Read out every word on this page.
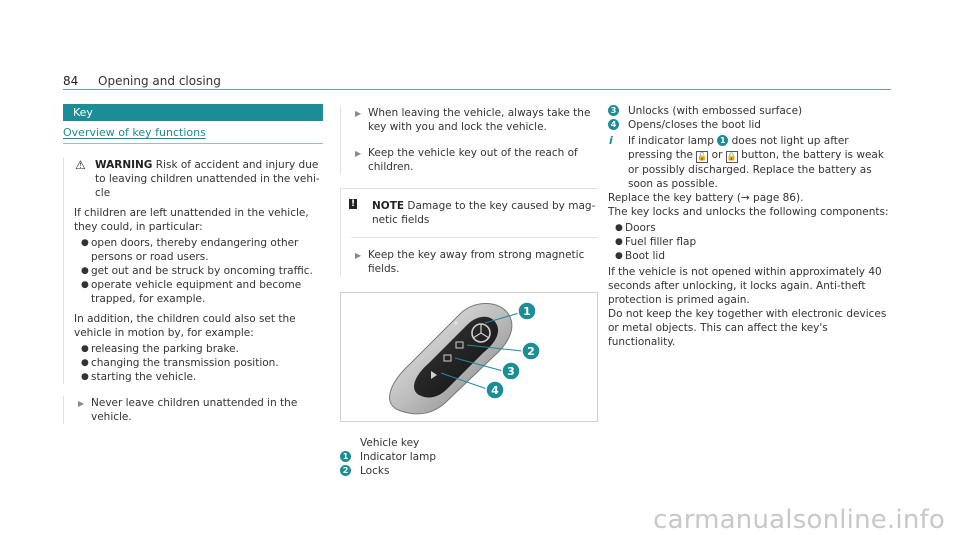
84 Opening and closing
Key
Overview of key functions
⚠ WARNING Risk of accident and injury due to leaving children unattended in the vehicle

If children are left unattended in the vehicle, they could, in particular:

● open doors, thereby endangering other persons or road users.
● get out and be struck by oncoming traffic.
● operate vehicle equipment and become trapped, for example.

In addition, the children could also set the vehicle in motion by, for example:

● releasing the parking brake.
● changing the transmission position.
● starting the vehicle.
▶ Never leave children unattended in the vehicle.
▶ When leaving the vehicle, always take the key with you and lock the vehicle.
▶ Keep the vehicle key out of the reach of children.
!	NOTE Damage to the key caused by magnetic fields
▶ Keep the key away from strong magnetic fields.
1
2
3
4
Vehicle key
1 Indicator lamp
2 Locks
3 Unlocks (with embossed surface)
4 Opens/closes the boot lid
i	If indicator lamp 1 does not light up after pressing the 🔓 or 🔒 button, the battery is weak or possibly discharged. Replace the battery as soon as possible.

Replace the key battery (→ page 86).

The key locks and unlocks the following components:

● Doors
● Fuel filler flap
● Boot lid

If the vehicle is not opened within approximately 40 seconds after unlocking, it locks again. Anti-theft protection is primed again.

Do not keep the key together with electronic devices or metal objects. This can affect the key's functionality.

carmanualsonline.info
